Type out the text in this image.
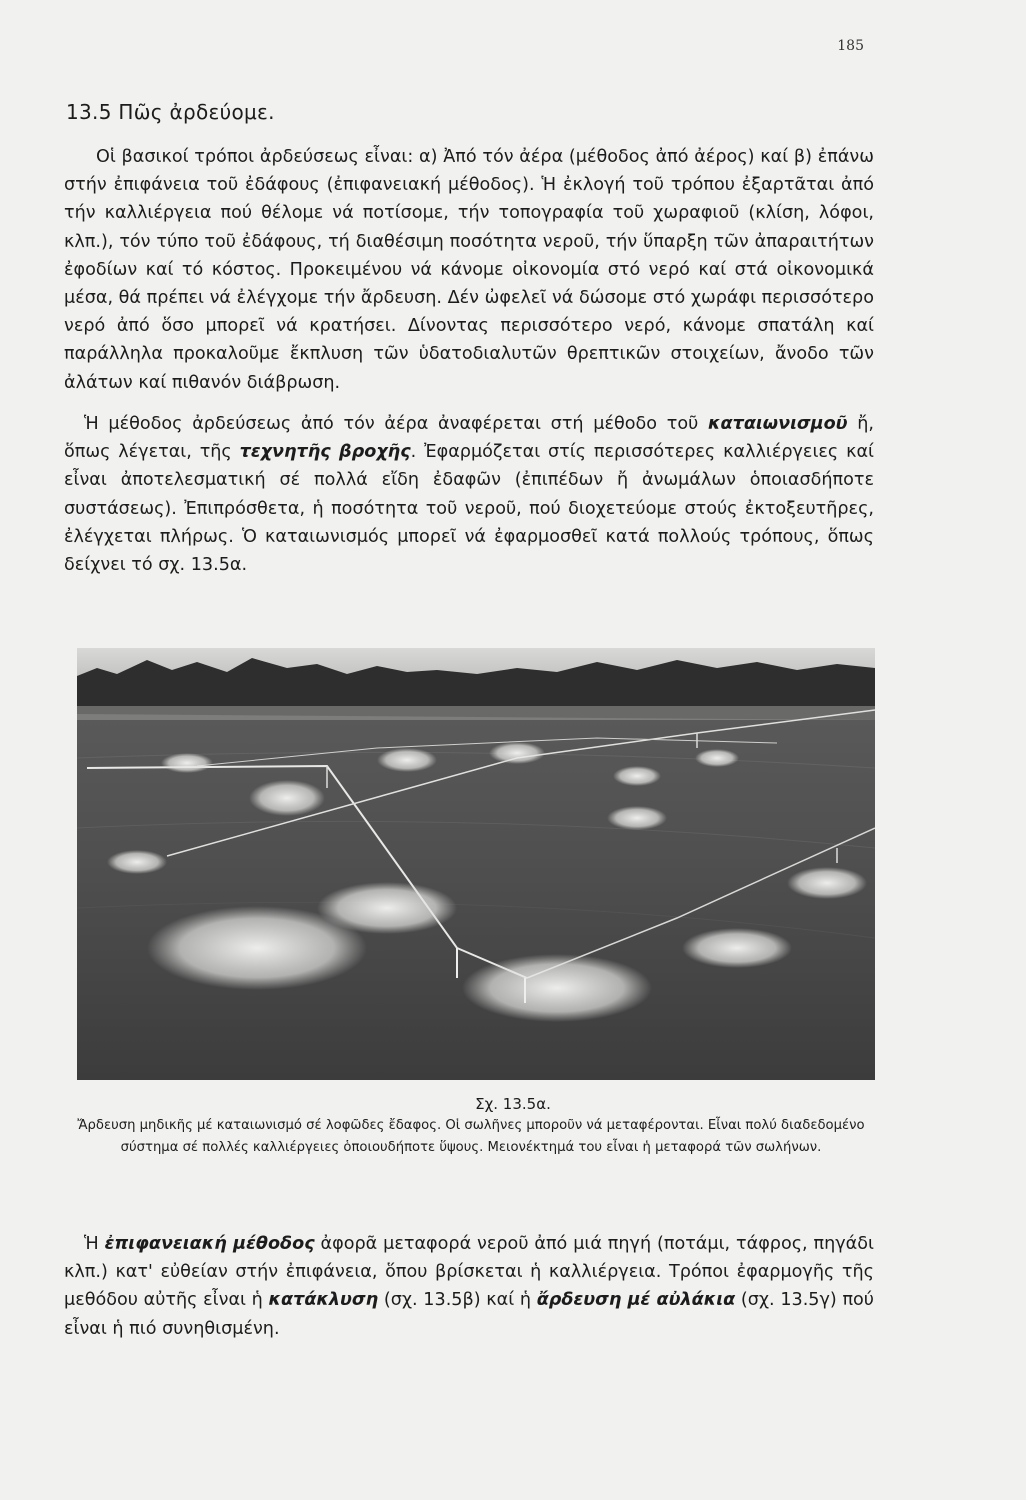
185
13.5 Πῶς ἀρδεύομε.

Οἱ βασικοί τρόποι ἀρδεύσεως εἶναι: α) Ἀπό τόν ἀέρα (μέθοδος ἀπό ἀέρος) καί β) ἐπάνω στήν ἐπιφάνεια τοῦ ἐδάφους (ἐπιφανειακή μέθοδος). Ἡ ἐκλογή τοῦ τρόπου ἐξαρτᾶται ἀπό τήν καλλιέργεια πού θέλομε νά ποτίσομε, τήν τοπογραφία τοῦ χωραφιοῦ (κλίση, λόφοι, κλπ.), τόν τύπο τοῦ ἐδάφους, τή διαθέσιμη ποσότητα νεροῦ, τήν ὕπαρξη τῶν ἀπαραιτήτων ἐφοδίων καί τό κόστος. Προκειμένου νά κάνομε οἰκονομία στό νερό καί στά οἰκονομικά μέσα, θά πρέπει νά ἐλέγχομε τήν ἄρδευση. Δέν ὠφελεῖ νά δώσομε στό χωράφι περισσότερο νερό ἀπό ὅσο μπορεῖ νά κρατήσει. Δίνοντας περισσότερο νερό, κάνομε σπατάλη καί παράλληλα προκαλοῦμε ἔκπλυση τῶν ὑδατοδιαλυτῶν θρεπτικῶν στοιχείων, ἄνοδο τῶν ἀλάτων καί πιθανόν διάβρωση.

Ἡ μέθοδος ἀρδεύσεως ἀπό τόν ἀέρα ἀναφέρεται στή μέθοδο τοῦ καταιωνισμοῦ ἤ, ὅπως λέγεται, τῆς τεχνητῆς βροχῆς. Ἐφαρμόζεται στίς περισσότερες καλλιέργειες καί εἶναι ἀποτελεσματική σέ πολλά εἴδη ἐδαφῶν (ἐπιπέδων ἤ ἀνωμάλων ὁποιασδήποτε συστάσεως). Ἐπιπρόσθετα, ἡ ποσότητα τοῦ νεροῦ, πού διοχετεύομε στούς ἐκτοξευτῆρες, ἐλέγχεται πλήρως. Ὁ καταιωνισμός μπορεῖ νά ἐφαρμοσθεῖ κατά πολλούς τρόπους, ὅπως δείχνει τό σχ. 13.5α.

Σχ. 13.5α.

Ἄρδευση μηδικῆς μέ καταιωνισμό σέ λοφῶδες ἔδαφος. Οἱ σωλῆνες μποροῦν νά μεταφέρονται. Εἶναι πολύ διαδεδομένο σύστημα σέ πολλές καλλιέργειες ὁποιουδήποτε ὕψους. Μειονέκτημά του εἶναι ἡ μεταφορά τῶν σωλήνων.

Ἡ ἐπιφανειακή μέθοδος ἀφορᾶ μεταφορά νεροῦ ἀπό μιά πηγή (ποτάμι, τάφρος, πηγάδι κλπ.) κατ' εὐθείαν στήν ἐπιφάνεια, ὅπου βρίσκεται ἡ καλλιέργεια. Τρόποι ἐφαρμογῆς τῆς μεθόδου αὐτῆς εἶναι ἡ κατάκλυση (σχ. 13.5β) καί ἡ ἄρδευση μέ αὐλάκια (σχ. 13.5γ) πού εἶναι ἡ πιό συνηθισμένη.
